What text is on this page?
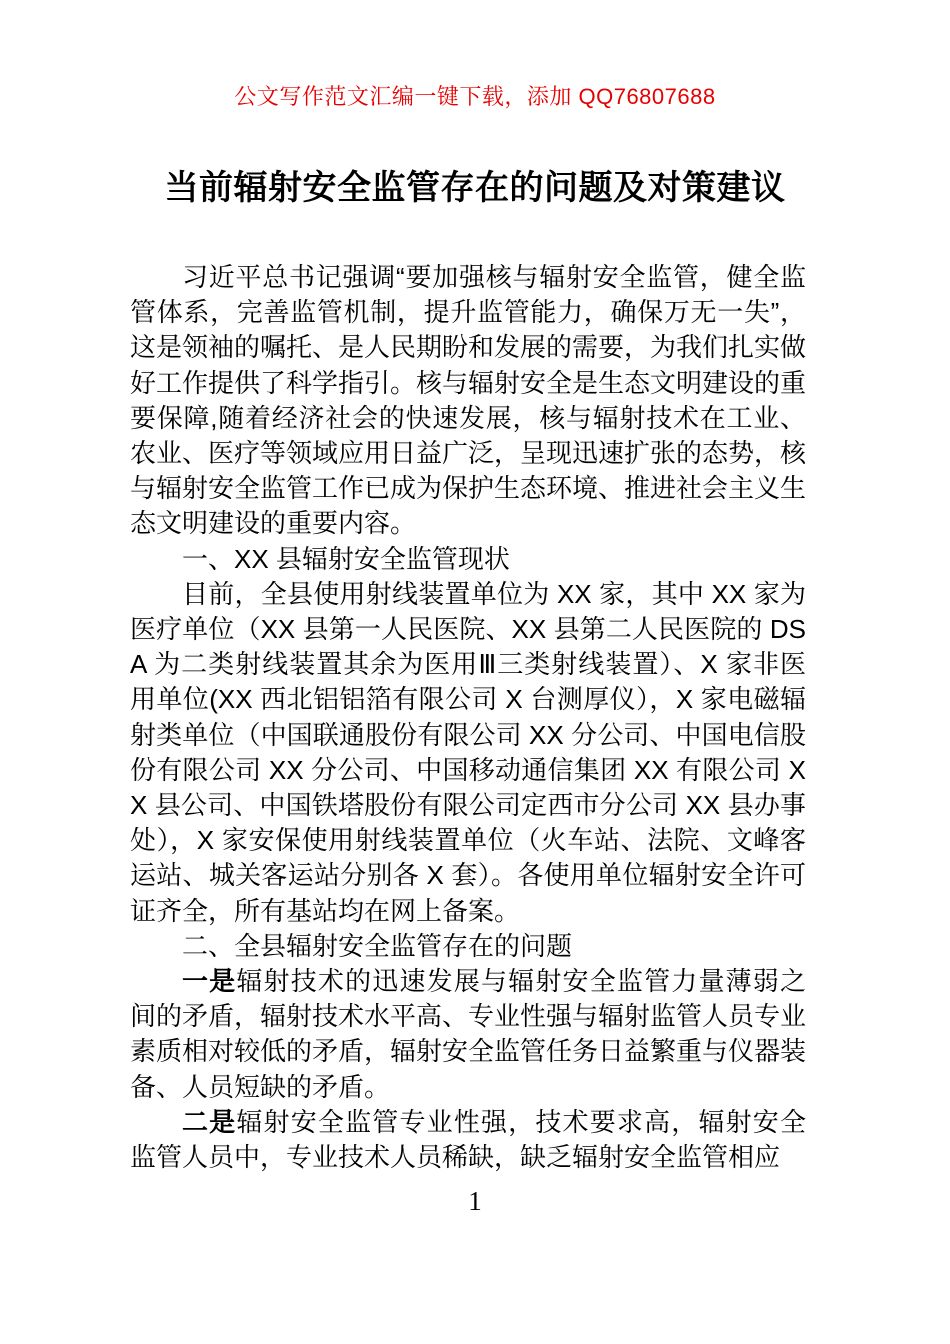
公文写作范文汇编一键下载，添加 QQ76807688
当前辐射安全监管存在的问题及对策建议

习近平总书记强调“要加强核与辐射安全监管，健全监管体系，完善监管机制，提升监管能力，确保万无一失”，这是领袖的嘱托、是人民期盼和发展的需要，为我们扎实做好工作提供了科学指引。核与辐射安全是生态文明建设的重要保障,随着经济社会的快速发展，核与辐射技术在工业、农业、医疗等领域应用日益广泛，呈现迅速扩张的态势，核与辐射安全监管工作已成为保护生态环境、推进社会主义生态文明建设的重要内容。

一、XX 县辐射安全监管现状

目前，全县使用射线装置单位为 XX 家，其中 XX 家为医疗单位（XX 县第一人民医院、XX 县第二人民医院的 DSA 为二类射线装置其余为医用Ⅲ三类射线装置）、X 家非医用单位(XX 西北铝铝箔有限公司 X 台测厚仪），X 家电磁辐射类单位（中国联通股份有限公司 XX 分公司、中国电信股份有限公司 XX 分公司、中国移动通信集团 XX 有限公司 XX 县公司、中国铁塔股份有限公司定西市分公司 XX 县办事处），X 家安保使用射线装置单位（火车站、法院、文峰客运站、城关客运站分别各 X 套）。各使用单位辐射安全许可证齐全，所有基站均在网上备案。

二、全县辐射安全监管存在的问题

一是辐射技术的迅速发展与辐射安全监管力量薄弱之间的矛盾，辐射技术水平高、专业性强与辐射监管人员专业素质相对较低的矛盾，辐射安全监管任务日益繁重与仪器装备、人员短缺的矛盾。

二是辐射安全监管专业性强，技术要求高，辐射安全监管人员中，专业技术人员稀缺，缺乏辐射安全监管相应

1
